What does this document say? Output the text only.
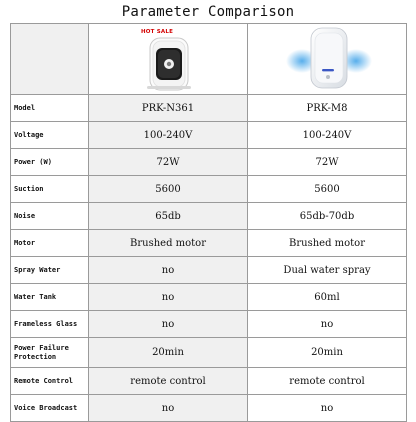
Parameter Comparison

	HOT SALE

Model	PRK-N361	PRK-M8
Voltage	100-240V	100-240V
Power (W)	72W	72W
Suction	5600	5600
Noise	65db	65db-70db
Motor	Brushed motor	Brushed motor
Spray Water	no	Dual water spray
Water Tank	no	60ml
Frameless Glass	no	no
Power Failure Protection	20min	20min
Remote Control	remote control	remote control
Voice Broadcast	no	no
